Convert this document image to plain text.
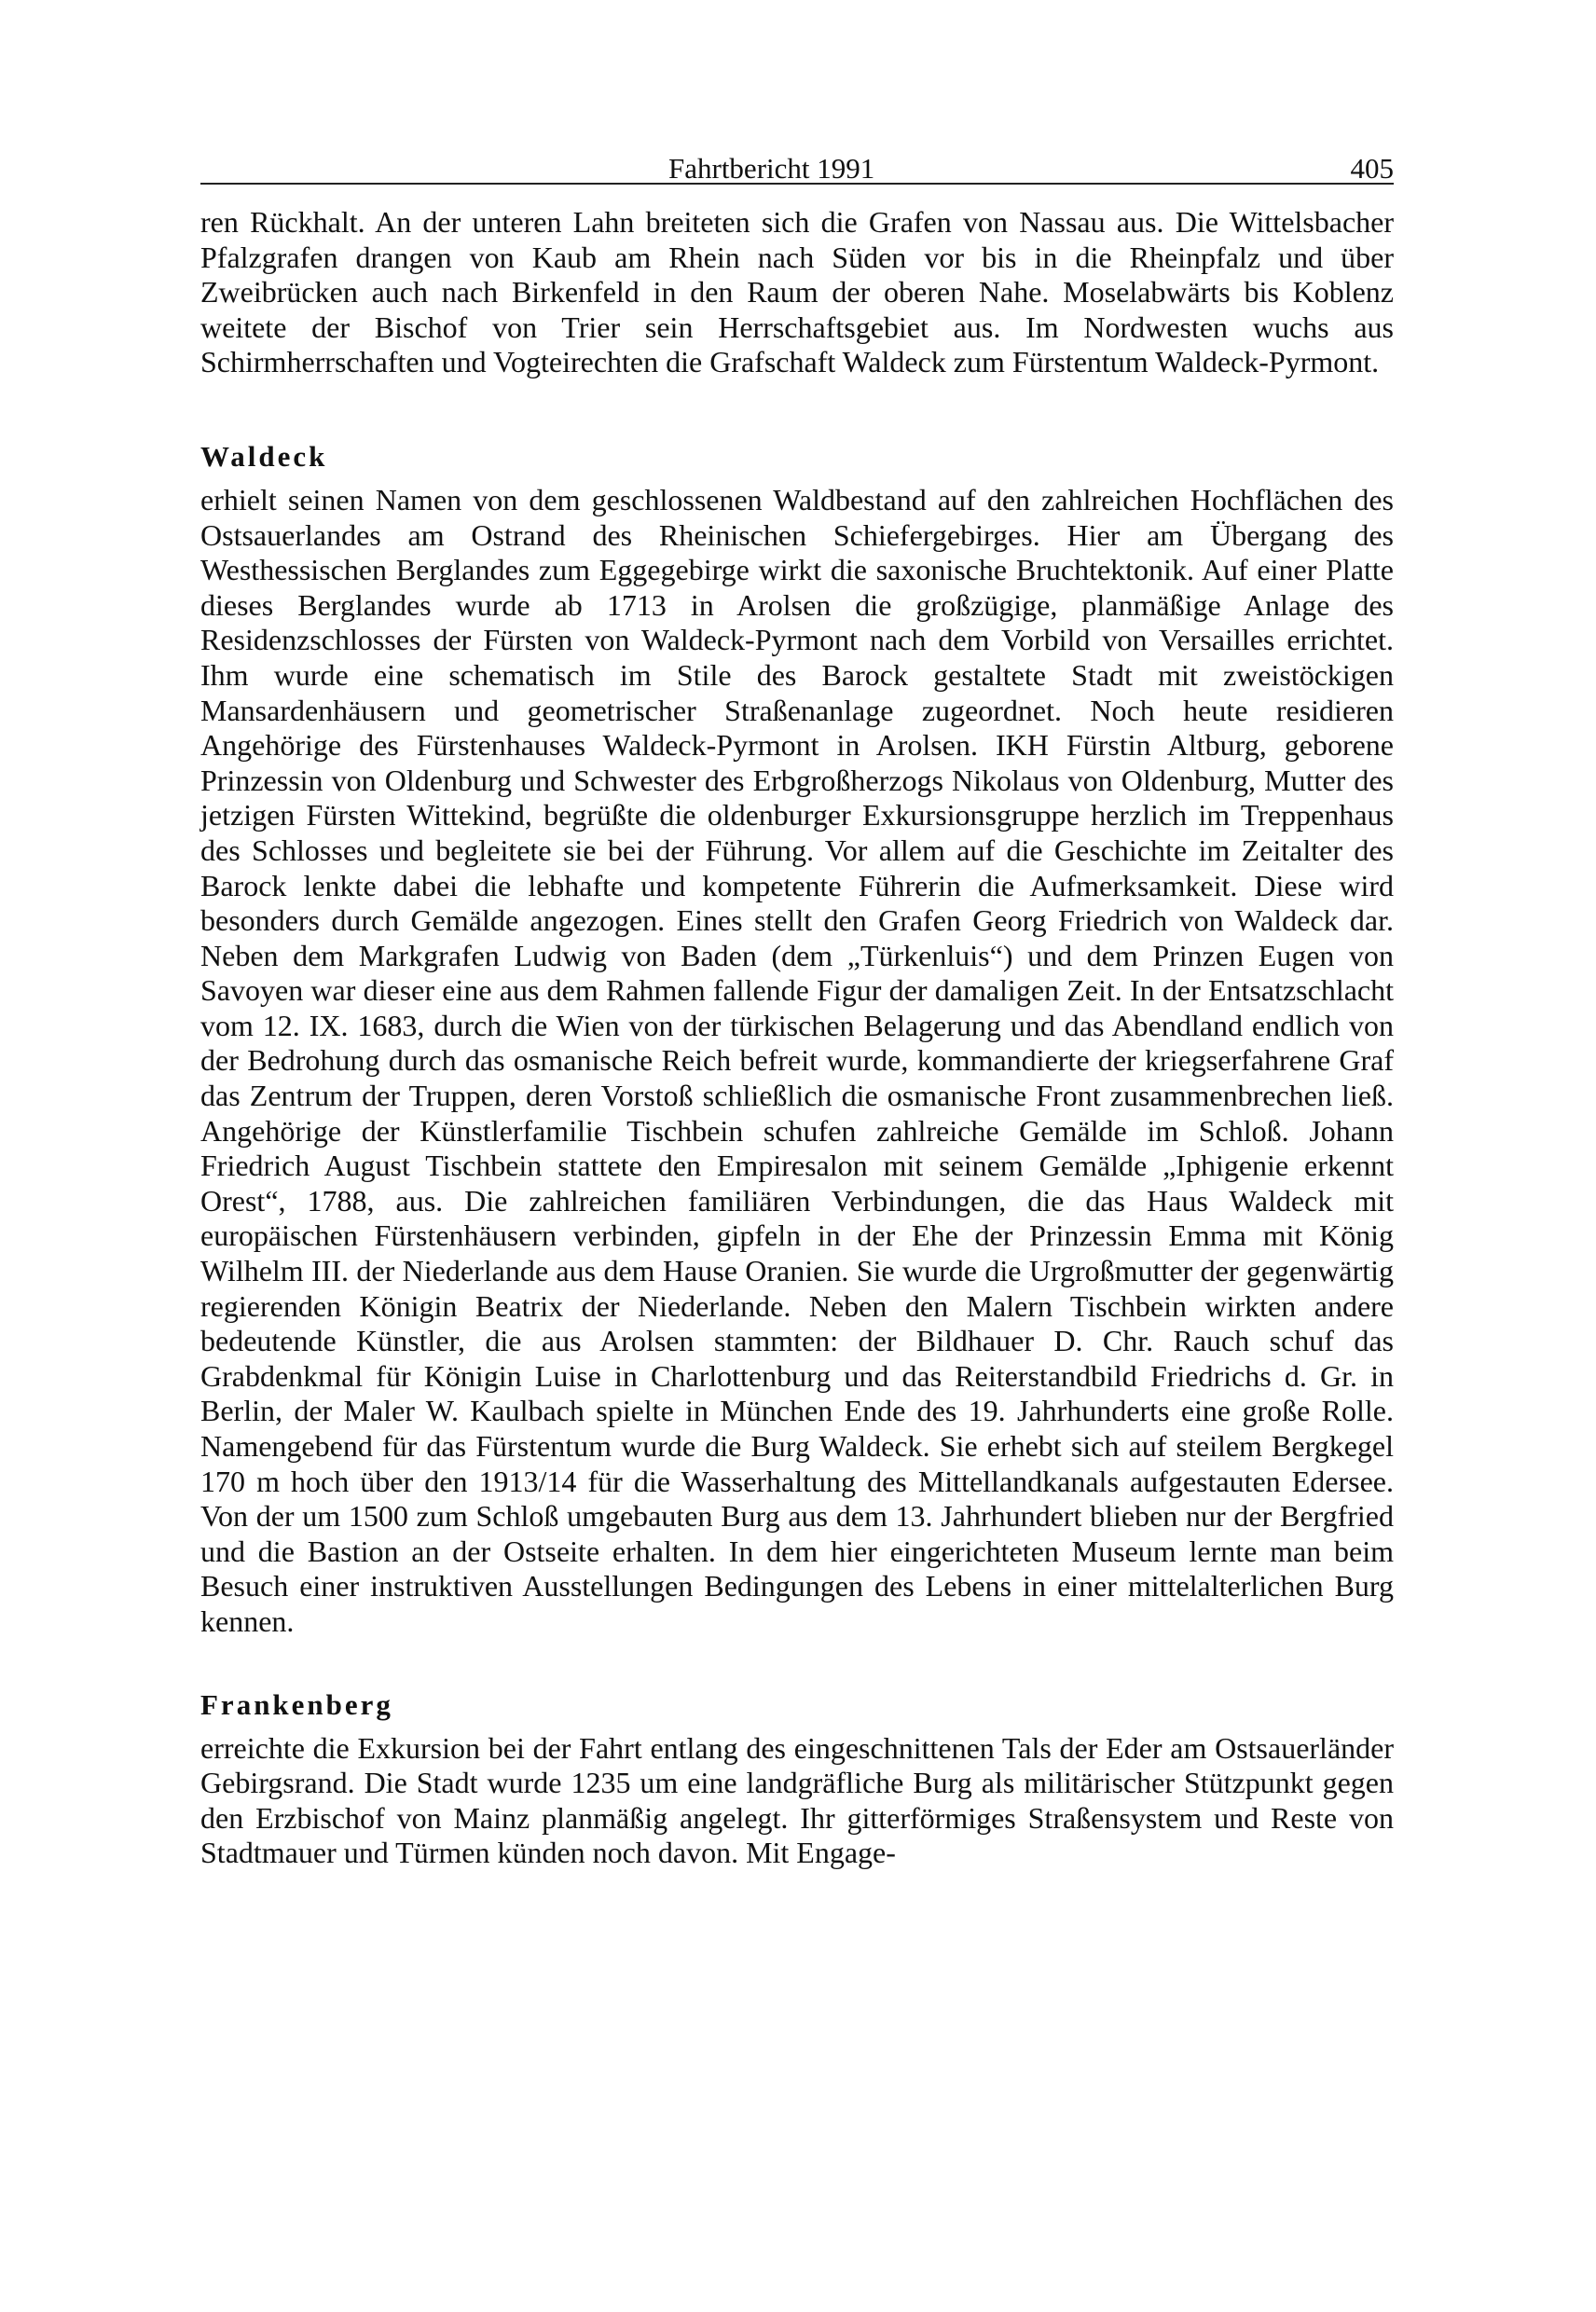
Fahrtbericht 1991	405

ren Rückhalt. An der unteren Lahn breiteten sich die Grafen von Nassau aus. Die Wittelsbacher Pfalzgrafen drangen von Kaub am Rhein nach Süden vor bis in die Rheinpfalz und über Zweibrücken auch nach Birkenfeld in den Raum der oberen Nahe. Moselabwärts bis Koblenz weitete der Bischof von Trier sein Herrschaftsgebiet aus. Im Nordwesten wuchs aus Schirmherrschaften und Vogteirechten die Grafschaft Waldeck zum Fürstentum Waldeck-Pyrmont.

Waldeck

erhielt seinen Namen von dem geschlossenen Waldbestand auf den zahlreichen Hochflächen des Ostsauerlandes am Ostrand des Rheinischen Schiefergebirges. Hier am Übergang des Westhessischen Berglandes zum Eggegebirge wirkt die saxonische Bruchtektonik. Auf einer Platte dieses Berglandes wurde ab 1713 in Arolsen die großzügige, planmäßige Anlage des Residenzschlosses der Fürsten von Waldeck-Pyrmont nach dem Vorbild von Versailles errichtet. Ihm wurde eine schematisch im Stile des Barock gestaltete Stadt mit zweistöckigen Mansardenhäusern und geometrischer Straßenanlage zugeordnet. Noch heute residieren Angehörige des Fürstenhauses Waldeck-Pyrmont in Arolsen. IKH Fürstin Altburg, geborene Prinzessin von Oldenburg und Schwester des Erbgroßherzogs Nikolaus von Oldenburg, Mutter des jetzigen Fürsten Wittekind, begrüßte die oldenburger Exkursionsgruppe herzlich im Treppenhaus des Schlosses und begleitete sie bei der Führung. Vor allem auf die Geschichte im Zeitalter des Barock lenkte dabei die lebhafte und kompetente Führerin die Aufmerksamkeit. Diese wird besonders durch Gemälde angezogen. Eines stellt den Grafen Georg Friedrich von Waldeck dar. Neben dem Markgrafen Ludwig von Baden (dem „Türkenluis“) und dem Prinzen Eugen von Savoyen war dieser eine aus dem Rahmen fallende Figur der damaligen Zeit. In der Entsatzschlacht vom 12. IX. 1683, durch die Wien von der türkischen Belagerung und das Abendland endlich von der Bedrohung durch das osmanische Reich befreit wurde, kommandierte der kriegserfahrene Graf das Zentrum der Truppen, deren Vorstoß schließlich die osmanische Front zusammenbrechen ließ. Angehörige der Künstlerfamilie Tischbein schufen zahlreiche Gemälde im Schloß. Johann Friedrich August Tischbein stattete den Empiresalon mit seinem Gemälde „Iphigenie erkennt Orest“, 1788, aus. Die zahlreichen familiären Verbindungen, die das Haus Waldeck mit europäischen Fürstenhäusern verbinden, gipfeln in der Ehe der Prinzessin Emma mit König Wilhelm III. der Niederlande aus dem Hause Oranien. Sie wurde die Urgroßmutter der gegenwärtig regierenden Königin Beatrix der Niederlande. Neben den Malern Tischbein wirkten andere bedeutende Künstler, die aus Arolsen stammten: der Bildhauer D. Chr. Rauch schuf das Grabdenkmal für Königin Luise in Charlottenburg und das Reiterstandbild Friedrichs d. Gr. in Berlin, der Maler W. Kaulbach spielte in München Ende des 19. Jahrhunderts eine große Rolle. Namengebend für das Fürstentum wurde die Burg Waldeck. Sie erhebt sich auf steilem Bergkegel 170 m hoch über den 1913/14 für die Wasserhaltung des Mittellandkanals aufgestauten Edersee. Von der um 1500 zum Schloß umgebauten Burg aus dem 13. Jahrhundert blieben nur der Bergfried und die Bastion an der Ostseite erhalten. In dem hier eingerichteten Museum lernte man beim Besuch einer instruktiven Ausstellungen Bedingungen des Lebens in einer mittelalterlichen Burg kennen.

Frankenberg

erreichte die Exkursion bei der Fahrt entlang des eingeschnittenen Tals der Eder am Ostsauerländer Gebirgsrand. Die Stadt wurde 1235 um eine landgräfliche Burg als militärischer Stützpunkt gegen den Erzbischof von Mainz planmäßig angelegt. Ihr gitterförmiges Straßensystem und Reste von Stadtmauer und Türmen künden noch davon. Mit Engage-
